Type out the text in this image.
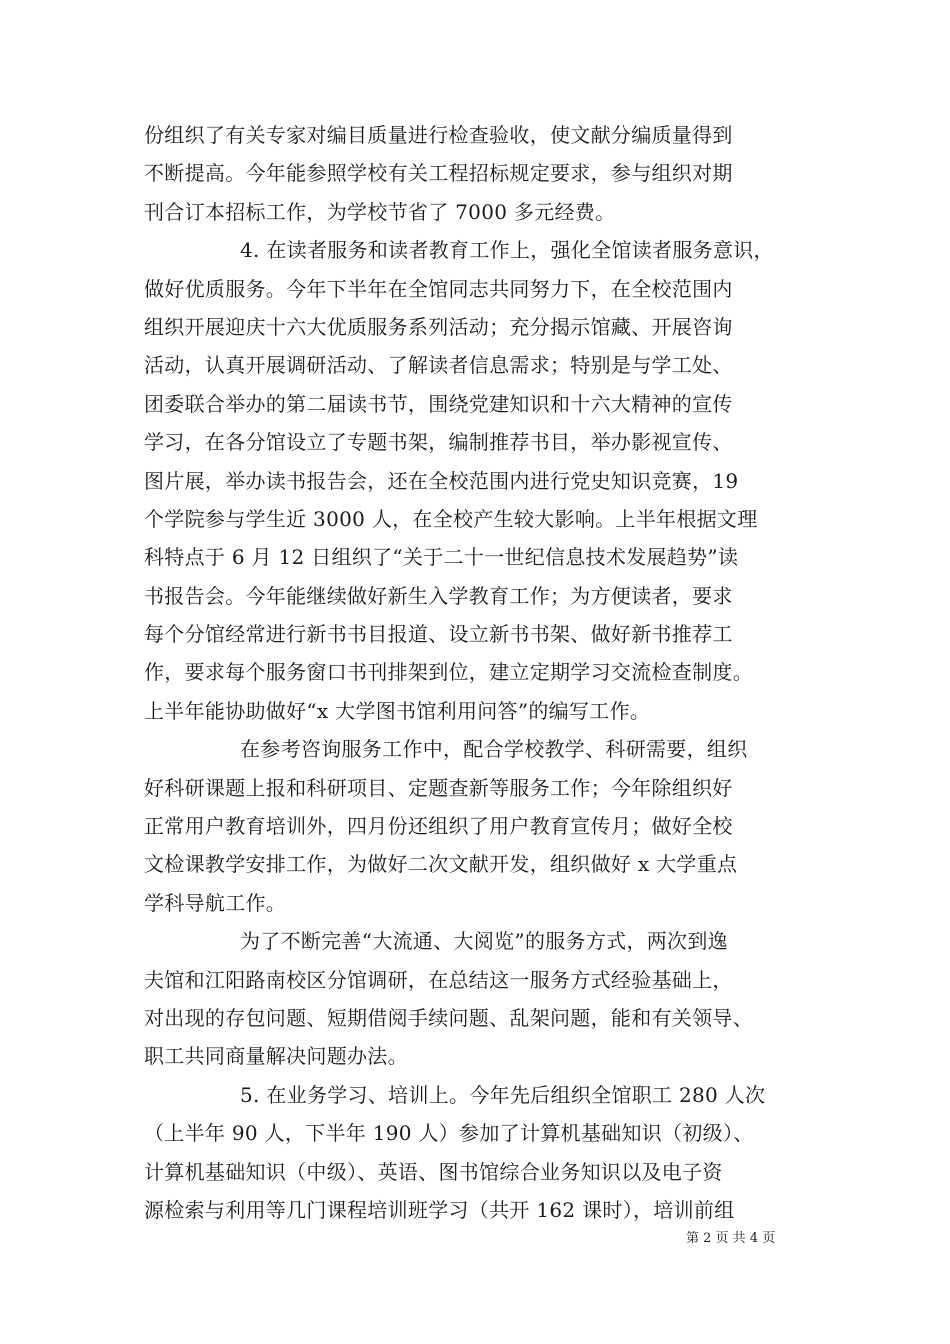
份组织了有关专家对编目质量进行检查验收，使文献分编质量得到
不断提高。今年能参照学校有关工程招标规定要求，参与组织对期
刊合订本招标工作，为学校节省了 7000 多元经费。
4. 在读者服务和读者教育工作上，强化全馆读者服务意识，
做好优质服务。今年下半年在全馆同志共同努力下，在全校范围内
组织开展迎庆十六大优质服务系列活动；充分揭示馆藏、开展咨询
活动，认真开展调研活动、了解读者信息需求；特别是与学工处、
团委联合举办的第二届读书节，围绕党建知识和十六大精神的宣传
学习，在各分馆设立了专题书架，编制推荐书目，举办影视宣传、
图片展，举办读书报告会，还在全校范围内进行党史知识竞赛，19
个学院参与学生近 3000 人，在全校产生较大影响。上半年根据文理
科特点于 6 月 12 日组织了“关于二十一世纪信息技术发展趋势”读
书报告会。今年能继续做好新生入学教育工作；为方便读者，要求
每个分馆经常进行新书书目报道、设立新书书架、做好新书推荐工
作，要求每个服务窗口书刊排架到位，建立定期学习交流检查制度。
上半年能协助做好“x 大学图书馆利用问答”的编写工作。
在参考咨询服务工作中，配合学校教学、科研需要，组织
好科研课题上报和科研项目、定题查新等服务工作；今年除组织好
正常用户教育培训外，四月份还组织了用户教育宣传月；做好全校
文检课教学安排工作，为做好二次文献开发，组织做好 x 大学重点
学科导航工作。
为了不断完善“大流通、大阅览”的服务方式，两次到逸
夫馆和江阳路南校区分馆调研，在总结这一服务方式经验基础上，
对出现的存包问题、短期借阅手续问题、乱架问题，能和有关领导、
职工共同商量解决问题办法。
5. 在业务学习、培训上。今年先后组织全馆职工 280 人次
（上半年 90 人，下半年 190 人）参加了计算机基础知识（初级）、
计算机基础知识（中级）、英语、图书馆综合业务知识以及电子资
源检索与利用等几门课程培训班学习（共开 162 课时），培训前组
第 2 页 共 4 页
